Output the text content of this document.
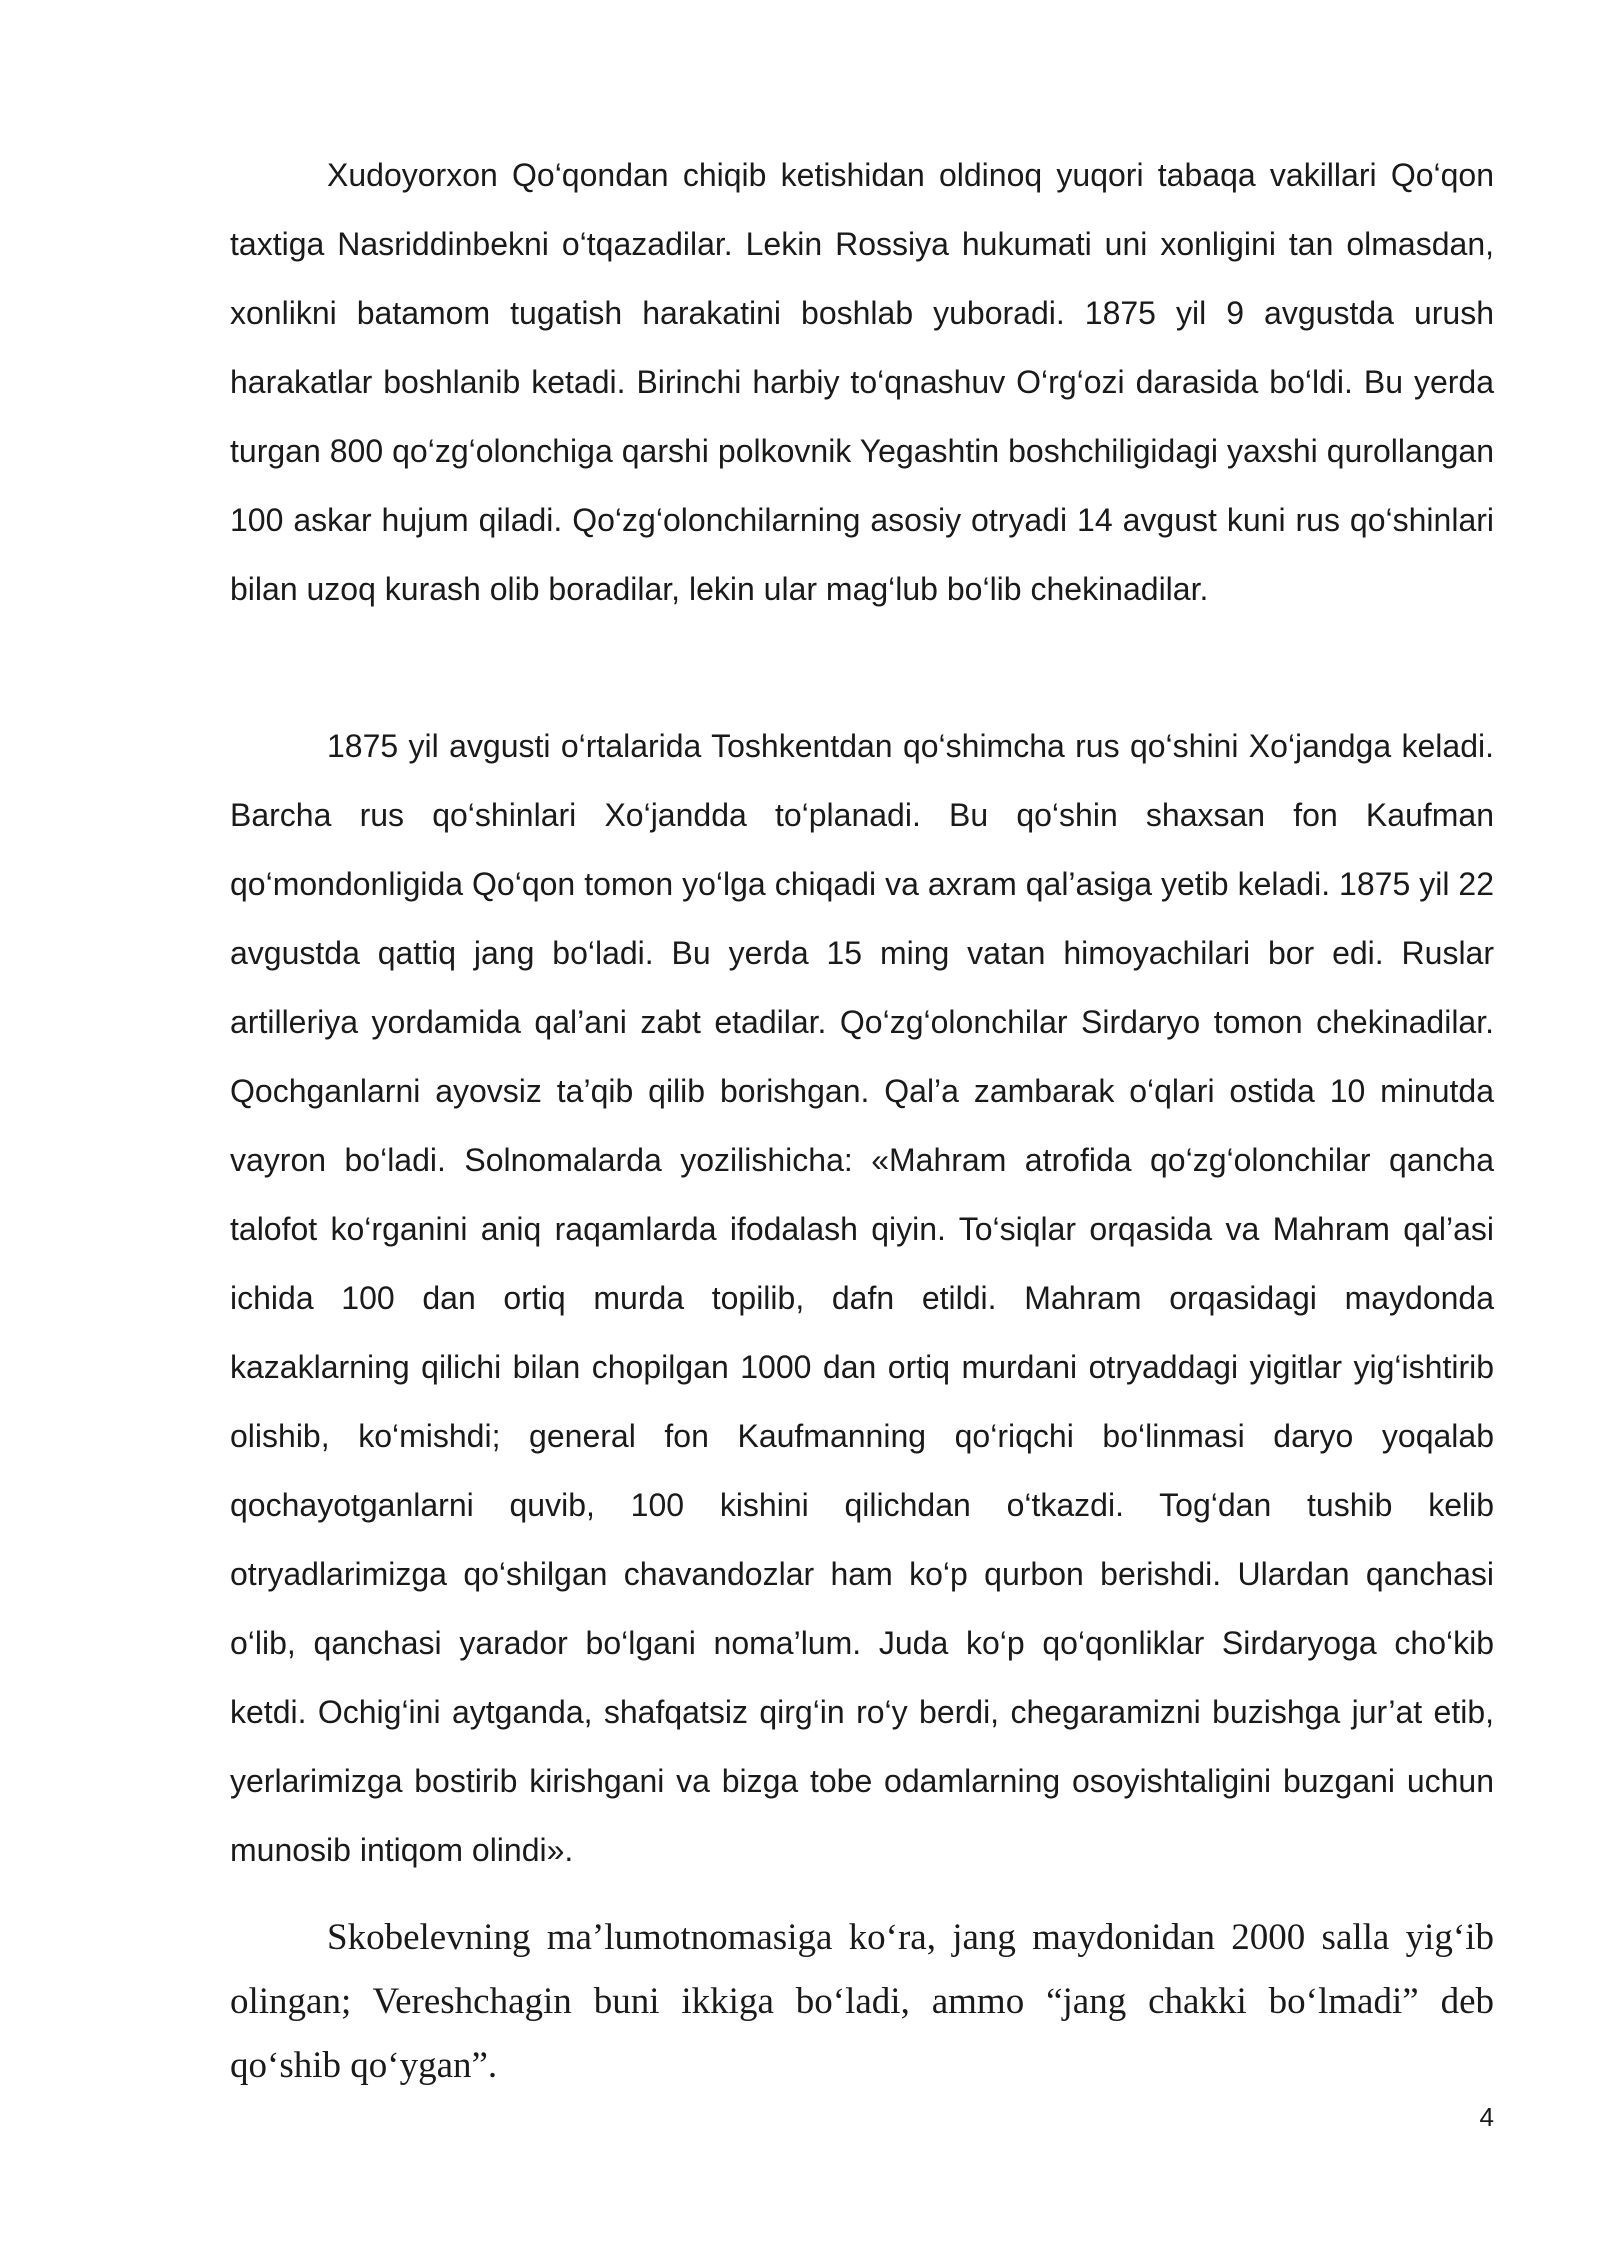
Xudoyorxon Qo‘qondan chiqib ketishidan oldinoq yuqori tabaqa vakillari Qo‘qon taxtiga Nasriddinbekni o‘tqazadilar. Lekin Rossiya hukumati uni xonligini tan olmasdan, xonlikni batamom tugatish harakatini boshlab yuboradi. 1875 yil 9 avgustda urush harakatlar boshlanib ketadi. Birinchi harbiy to‘qnashuv O‘rg‘ozi darasida bo‘ldi. Bu yerda turgan 800 qo‘zg‘olonchiga qarshi polkovnik Yegashtin boshchiligidagi yaxshi qurollangan 100 askar hujum qiladi. Qo‘zg‘olonchilarning asosiy otryadi 14 avgust kuni rus qo‘shinlari bilan uzoq kurash olib boradilar, lekin ular mag‘lub bo‘lib chekinadilar.

1875 yil avgusti o‘rtalarida Toshkentdan qo‘shimcha rus qo‘shini Xo‘jandga keladi. Barcha rus qo‘shinlari Xo‘jandda to‘planadi. Bu qo‘shin shaxsan fon Kaufman qo‘mondonligida Qo‘qon tomon yo‘lga chiqadi va axram qal’asiga yetib keladi. 1875 yil 22 avgustda qattiq jang bo‘ladi. Bu yerda 15 ming vatan himoyachilari bor edi. Ruslar artilleriya yordamida qal’ani zabt etadilar. Qo‘zg‘olonchilar Sirdaryo tomon chekinadilar. Qochganlarni ayovsiz ta’qib qilib borishgan. Qal’a zambarak o‘qlari ostida 10 minutda vayron bo‘ladi. Solnomalarda yozilishicha: «Mahram atrofida qo‘zg‘olonchilar qancha talofot ko‘rganini aniq raqamlarda ifodalash qiyin. To‘siqlar orqasida va Mahram qal’asi ichida 100 dan ortiq murda topilib, dafn etildi. Mahram orqasidagi maydonda kazaklarning qilichi bilan chopilgan 1000 dan ortiq murdani otryaddagi yigitlar yig‘ishtirib olishib, ko‘mishdi; general fon Kaufmanning qo‘riqchi bo‘linmasi daryo yoqalab qochayotganlarni quvib, 100 kishini qilichdan o‘tkazdi. Tog‘dan tushib kelib otryadlarimizga qo‘shilgan chavandozlar ham ko‘p qurbon berishdi. Ulardan qanchasi o‘lib, qanchasi yarador bo‘lgani noma’lum. Juda ko‘p qo‘qonliklar Sirdaryoga cho‘kib ketdi. Ochig‘ini aytganda, shafqatsiz qirg‘in ro‘y berdi, chegaramizni buzishga jur’at etib, yerlarimizga bostirib kirishgani va bizga tobe odamlarning osoyishtaligini buzgani uchun munosib intiqom olindi».

Skobelevning ma’lumotnomasiga ko‘ra, jang maydonidan 2000 salla yig‘ib olingan; Vereshchagin buni ikkiga bo‘ladi, ammo “jang chakki bo‘lmadi” deb qo‘shib qo‘ygan”.

4
